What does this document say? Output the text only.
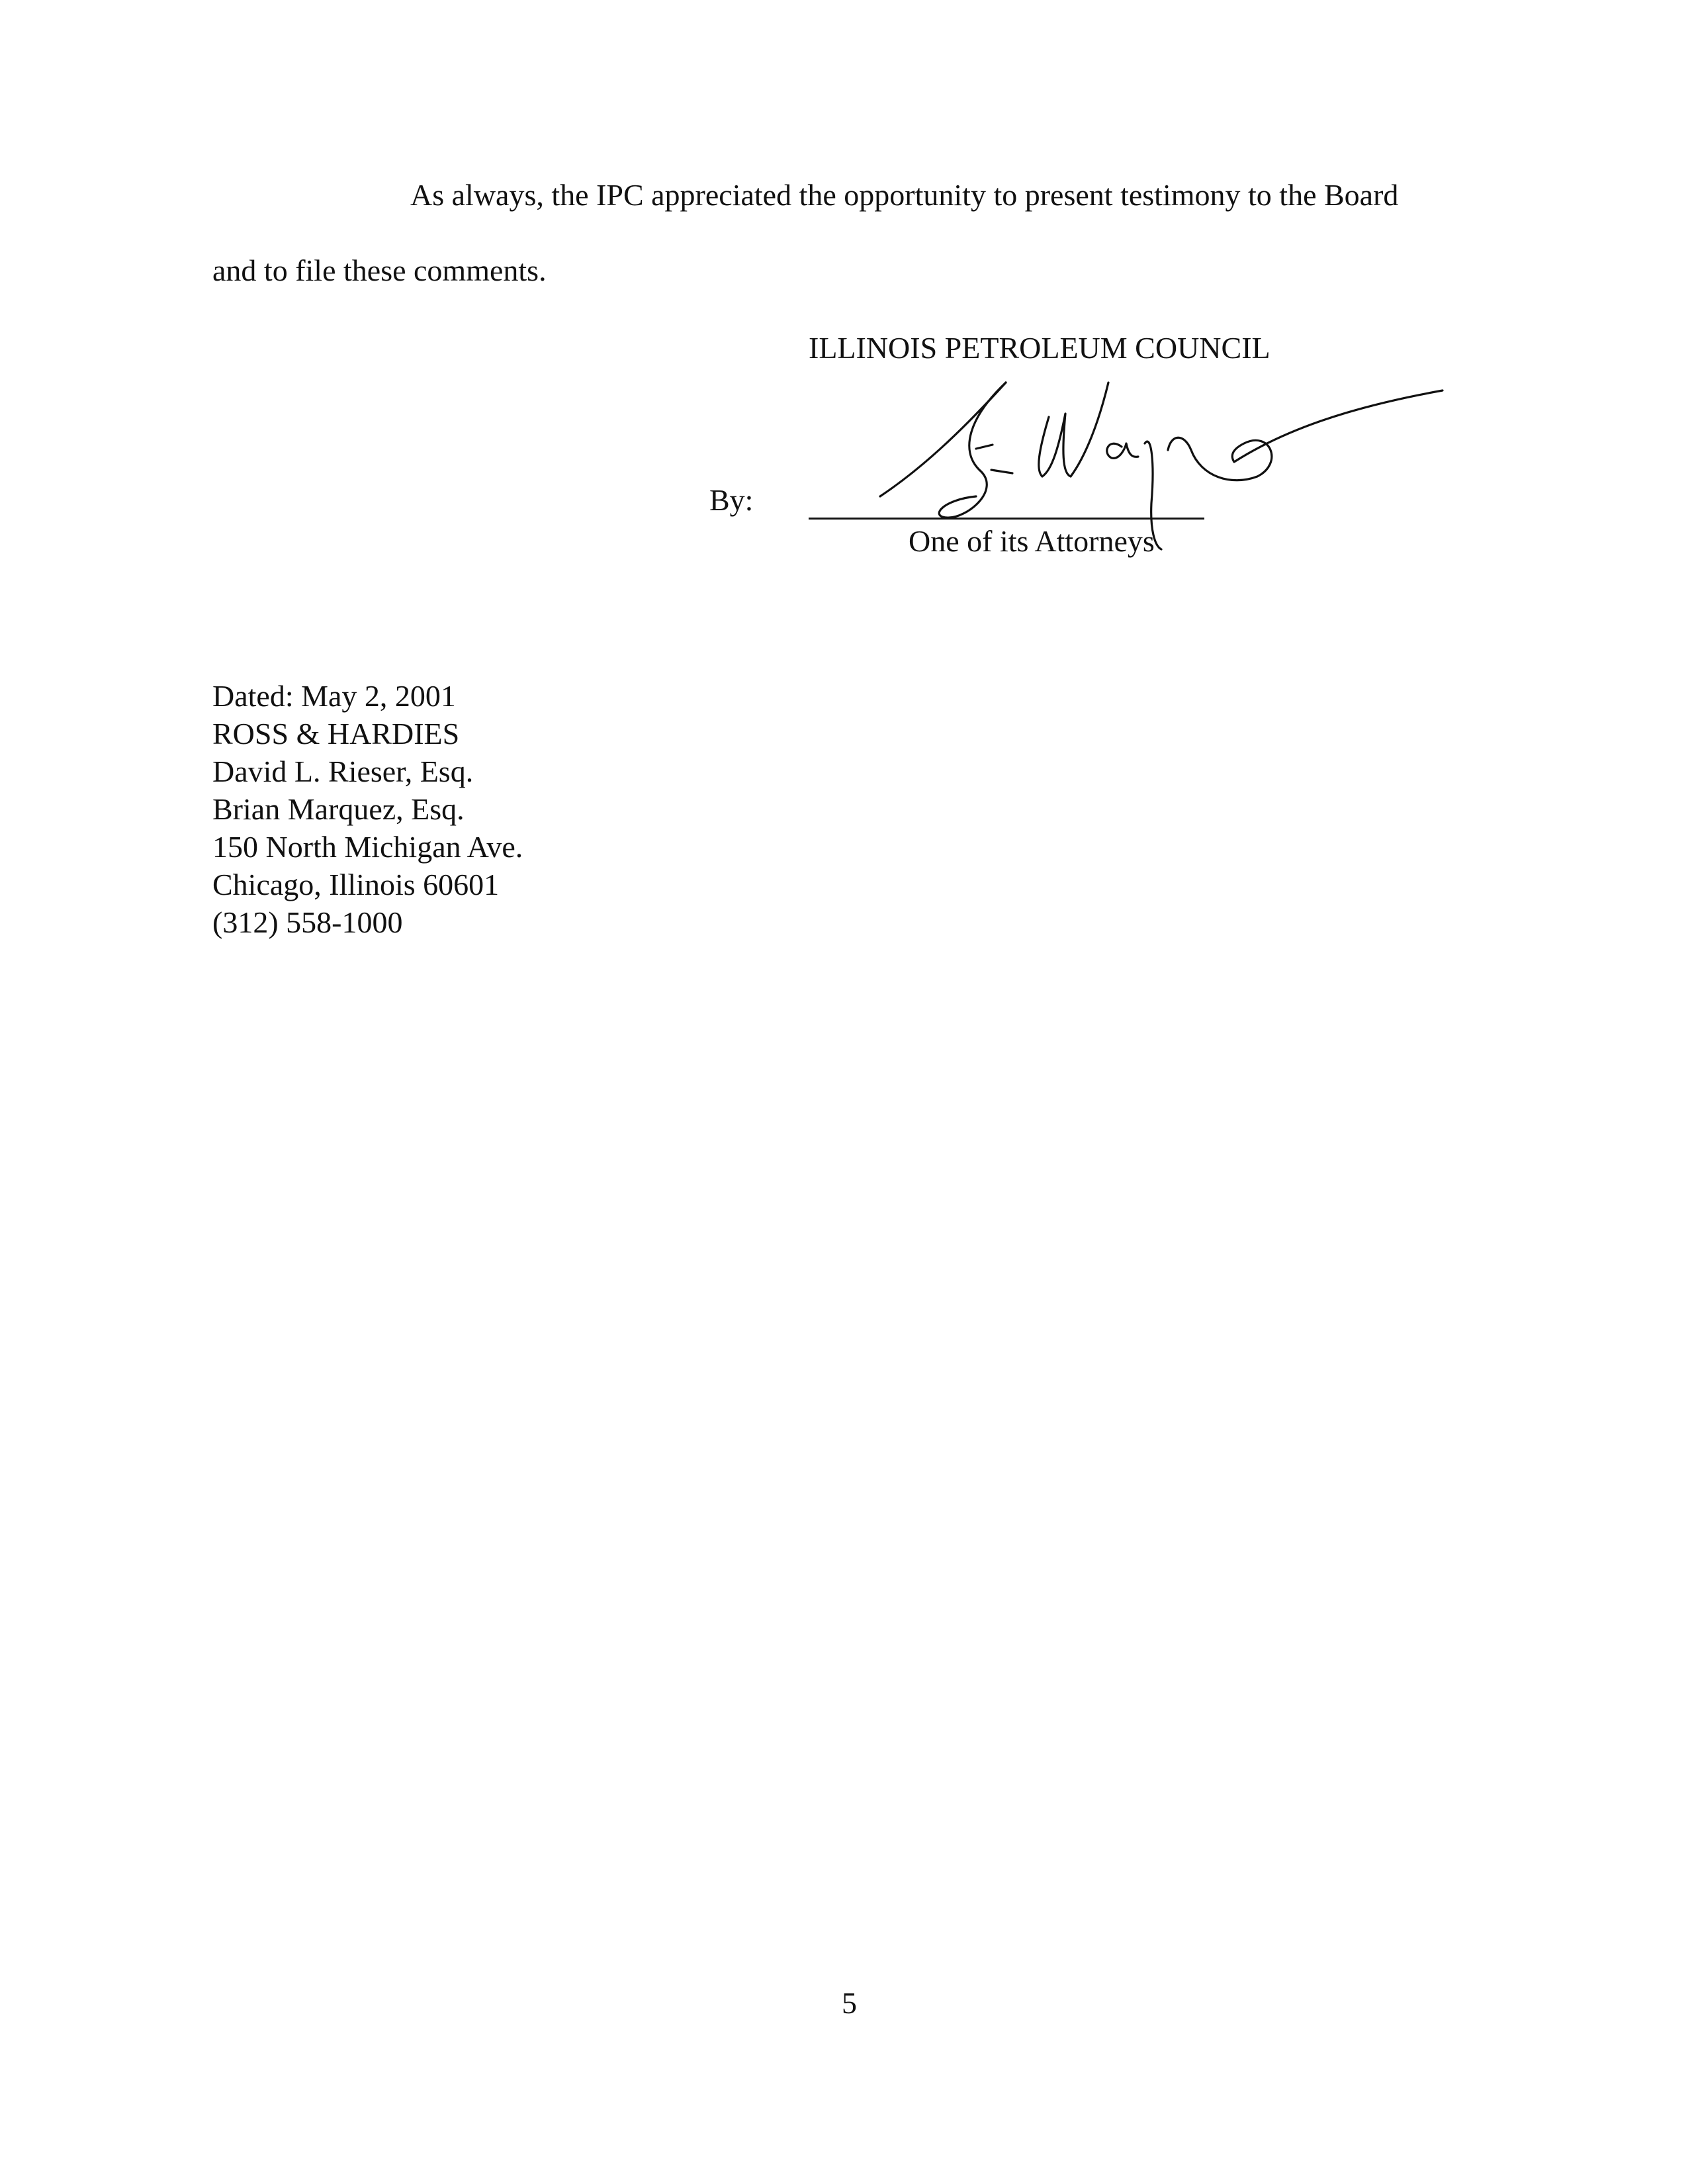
As always, the IPC appreciated the opportunity to present testimony to the Board
and to file these comments.
ILLINOIS PETROLEUM COUNCIL
By:
One of its Attorneys
Dated: May 2, 2001
ROSS & HARDIES
David L. Rieser, Esq.
Brian Marquez, Esq.
150 North Michigan Ave.
Chicago, Illinois 60601
(312) 558-1000
5
